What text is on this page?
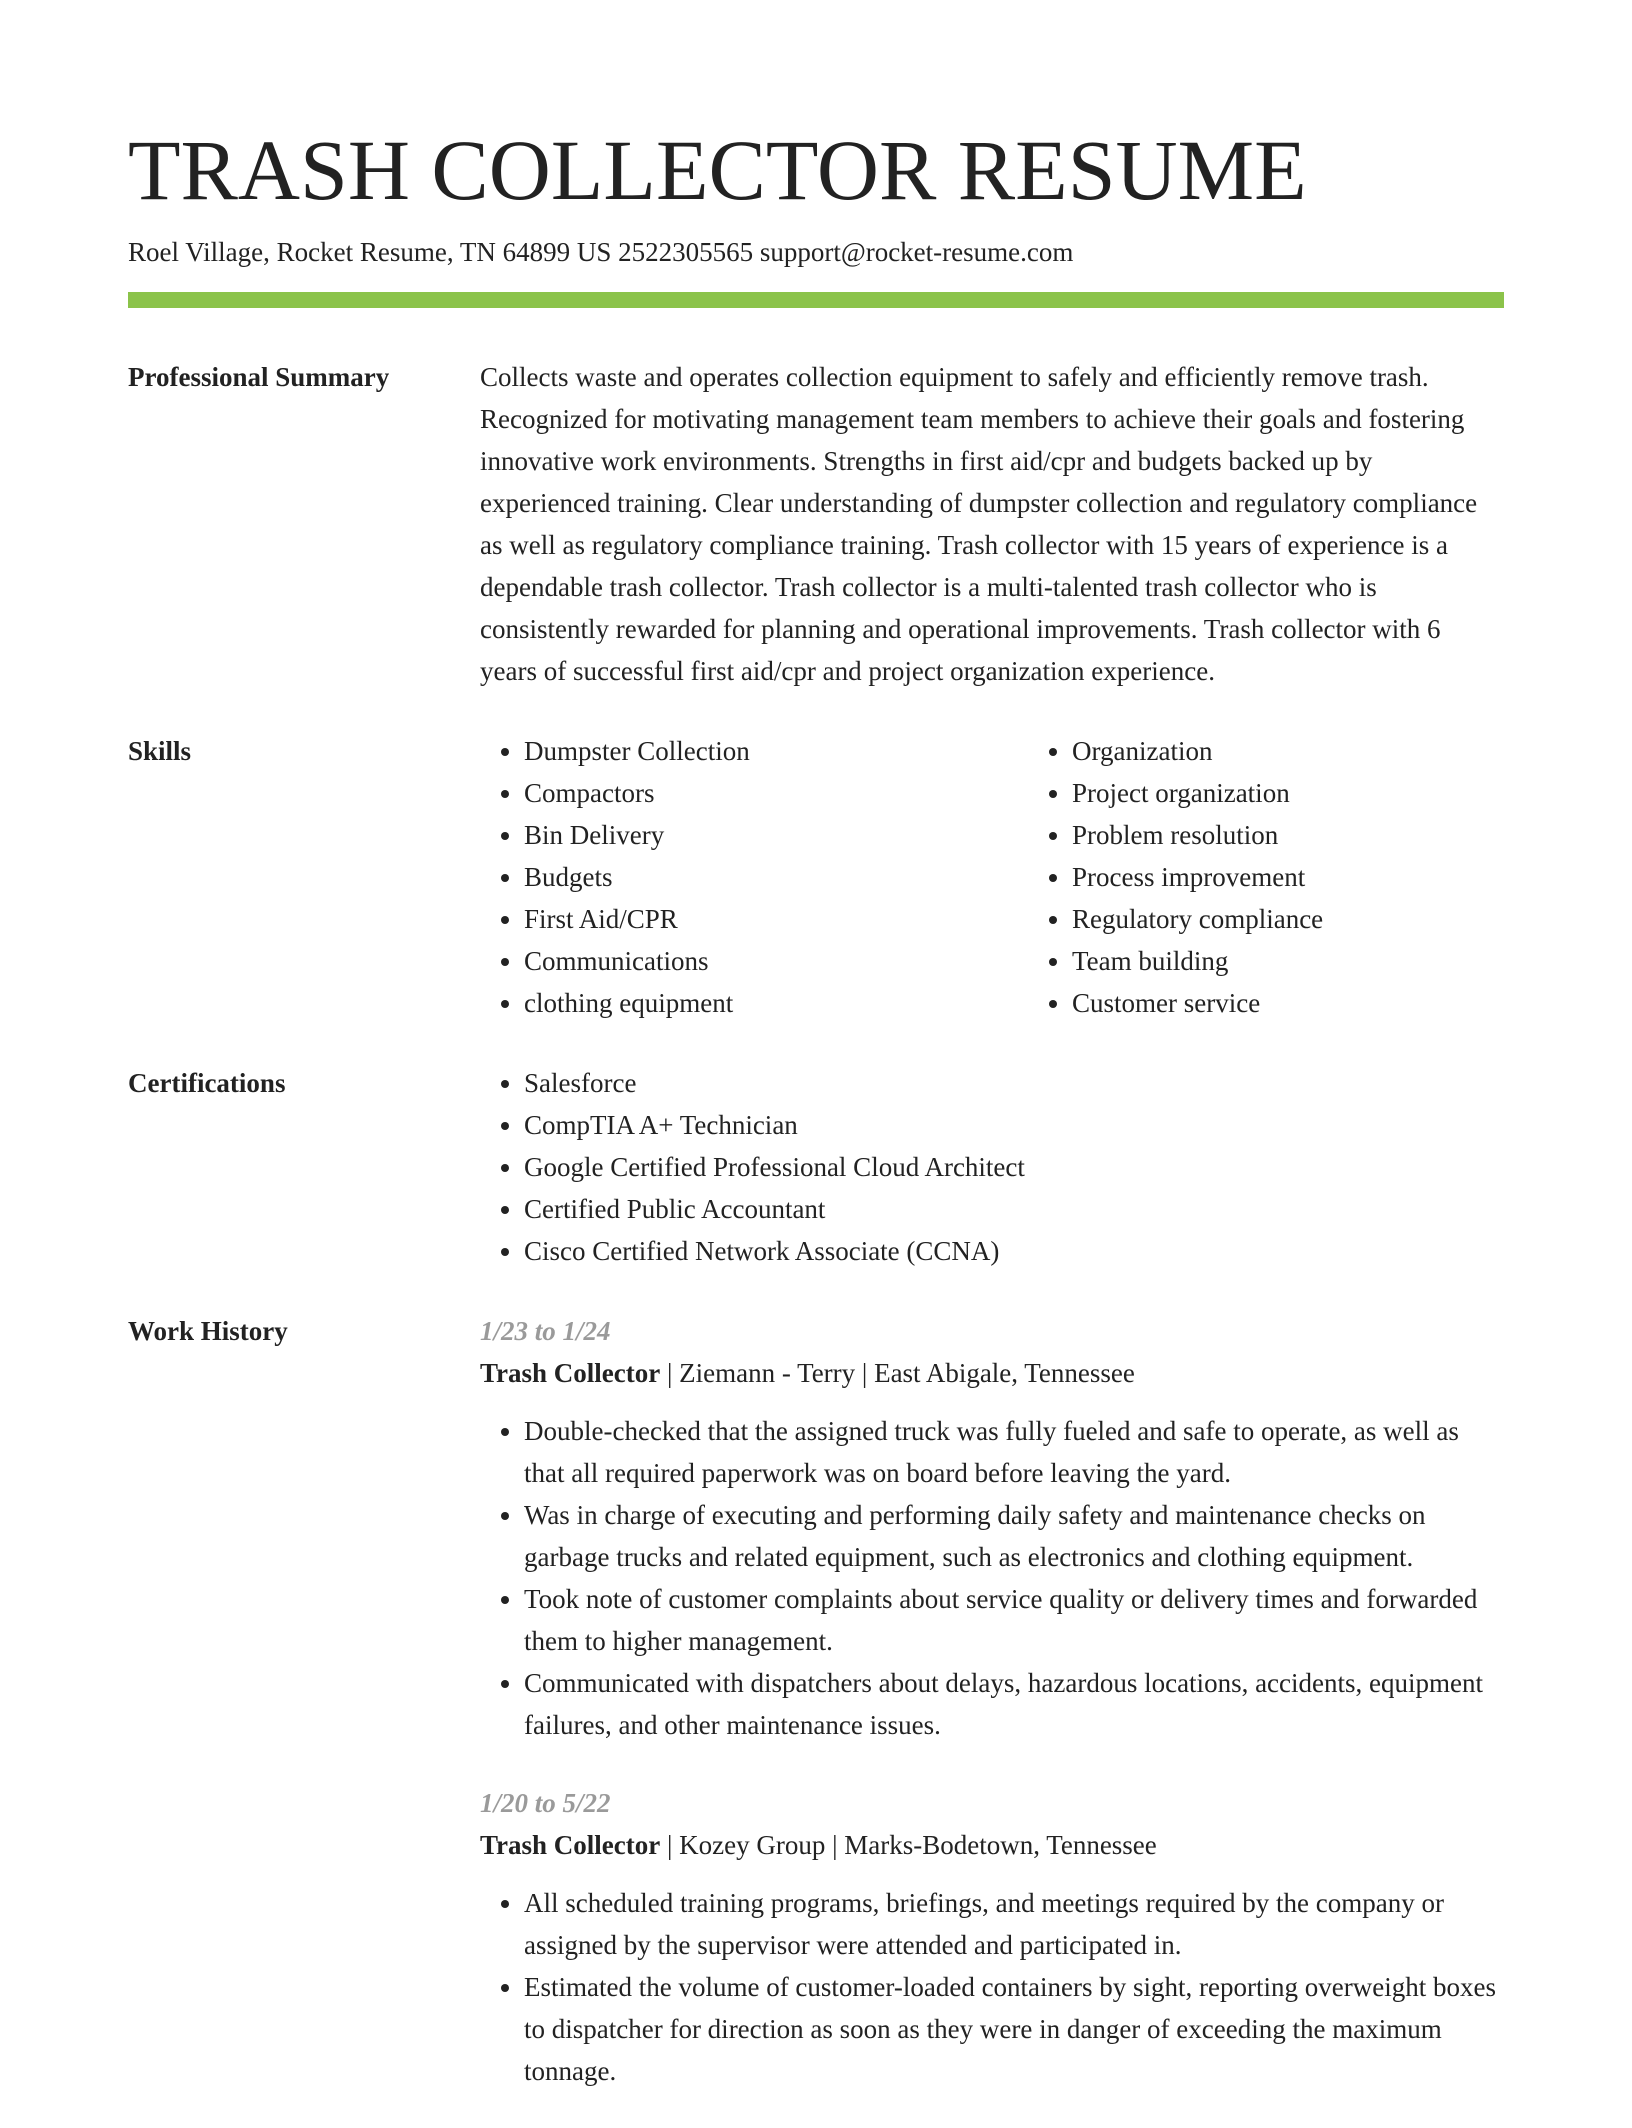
TRASH COLLECTOR RESUME
Roel Village, Rocket Resume, TN 64899 US 2522305565 support@rocket-resume.com
Professional Summary	Collects waste and operates collection equipment to safely and efficiently remove trash. Recognized for motivating management team members to achieve their goals and fostering innovative work environments. Strengths in first aid/cpr and budgets backed up by experienced training. Clear understanding of dumpster collection and regulatory compliance as well as regulatory compliance training. Trash collector with 15 years of experience is a dependable trash collector. Trash collector is a multi-talented trash collector who is consistently rewarded for planning and operational improvements. Trash collector with 6 years of successful first aid/cpr and project organization experience.

Skills	• Dumpster Collection
• Compactors
• Bin Delivery
• Budgets
• First Aid/CPR
• Communications
• clothing equipment
• Organization
• Project organization
• Problem resolution
• Process improvement
• Regulatory compliance
• Team building
• Customer service
Certifications	• Salesforce
• CompTIA A+ Technician
• Google Certified Professional Cloud Architect
• Certified Public Accountant
• Cisco Certified Network Associate (CCNA)
Work History	1/23 to 1/24
Trash Collector | Ziemann - Terry | East Abigale, Tennessee
• Double-checked that the assigned truck was fully fueled and safe to operate, as well as that all required paperwork was on board before leaving the yard.
• Was in charge of executing and performing daily safety and maintenance checks on garbage trucks and related equipment, such as electronics and clothing equipment.
• Took note of customer complaints about service quality or delivery times and forwarded them to higher management.
• Communicated with dispatchers about delays, hazardous locations, accidents, equipment failures, and other maintenance issues.
1/20 to 5/22
Trash Collector | Kozey Group | Marks-Bodetown, Tennessee
• All scheduled training programs, briefings, and meetings required by the company or assigned by the supervisor were attended and participated in.
• Estimated the volume of customer-loaded containers by sight, reporting overweight boxes to dispatcher for direction as soon as they were in danger of exceeding the maximum tonnage.
